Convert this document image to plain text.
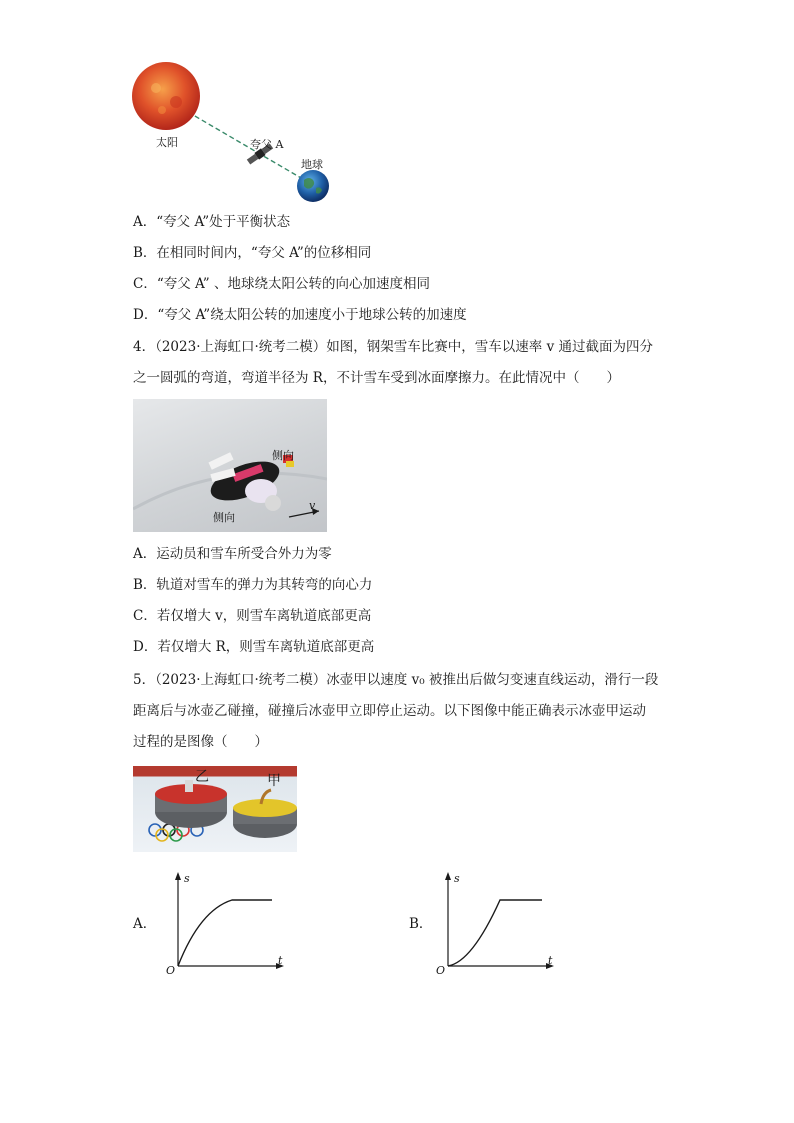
太阳	夸父 A
地球
A．“夸父 A”处于平衡状态
B．在相同时间内，“夸父 A”的位移相同
C．“夸父 A” 、地球绕太阳公转的向心加速度相同
D．“夸父 A”绕太阳公转的加速度小于地球公转的加速度
4．（2023·上海虹口·统考二模）如图，钢架雪车比赛中，雪车以速率 v 通过截面为四分
之一圆弧的弯道，弯道半径为 R，不计雪车受到冰面摩擦力。在此情况中（　　）
侧向
侧向
v
A．运动员和雪车所受合外力为零
B．轨道对雪车的弹力为其转弯的向心力
C．若仅增大 v，则雪车离轨道底部更高
D．若仅增大 R，则雪车离轨道底部更高
5．（2023·上海虹口·统考二模）冰壶甲以速度 v₀ 被推出后做匀变速直线运动，滑行一段
距离后与冰壶乙碰撞，碰撞后冰壶甲立即停止运动。以下图像中能正确表示冰壶甲运动
过程的是图像（　　）
乙	甲
A．
s
t
O
B．
s
t
O
